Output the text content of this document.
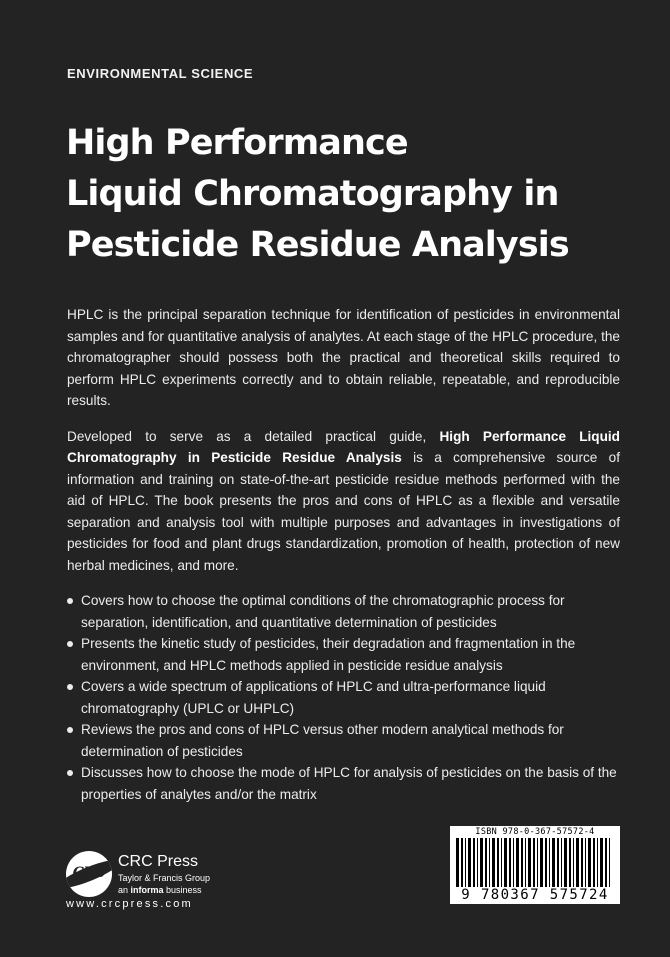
ENVIRONMENTAL SCIENCE
High Performance
Liquid Chromatography in
Pesticide Residue Analysis

HPLC is the principal separation technique for identification of pesticides in environmental samples and for quantitative analysis of analytes. At each stage of the HPLC procedure, the chromatographer should possess both the practical and theoretical skills required to perform HPLC experiments correctly and to obtain reliable, repeatable, and reproducible results.

Developed to serve as a detailed practical guide, High Performance Liquid Chromatography in Pesticide Residue Analysis is a comprehensive source of information and training on state-of-the-art pesticide residue methods performed with the aid of HPLC. The book presents the pros and cons of HPLC as a flexible and versatile separation and analysis tool with multiple purposes and advantages in investigations of pesticides for food and plant drugs standardization, promotion of health, protection of new herbal medicines, and more.

Covers how to choose the optimal conditions of the chromatographic process for separation, identification, and quantitative determination of pesticides
Presents the kinetic study of pesticides, their degradation and fragmentation in the environment, and HPLC methods applied in pesticide residue analysis
Covers a wide spectrum of applications of HPLC and ultra-performance liquid chromatography (UPLC or UHPLC)
Reviews the pros and cons of HPLC versus other modern analytical methods for determination of pesticides
Discusses how to choose the mode of HPLC for analysis of pesticides on the basis of the properties of analytes and/or the matrix
CRC
CRC Press
Taylor & Francis Group
an informa business
www.crcpress.com
ISBN 978-0-367-57572-4
9 780367 575724
